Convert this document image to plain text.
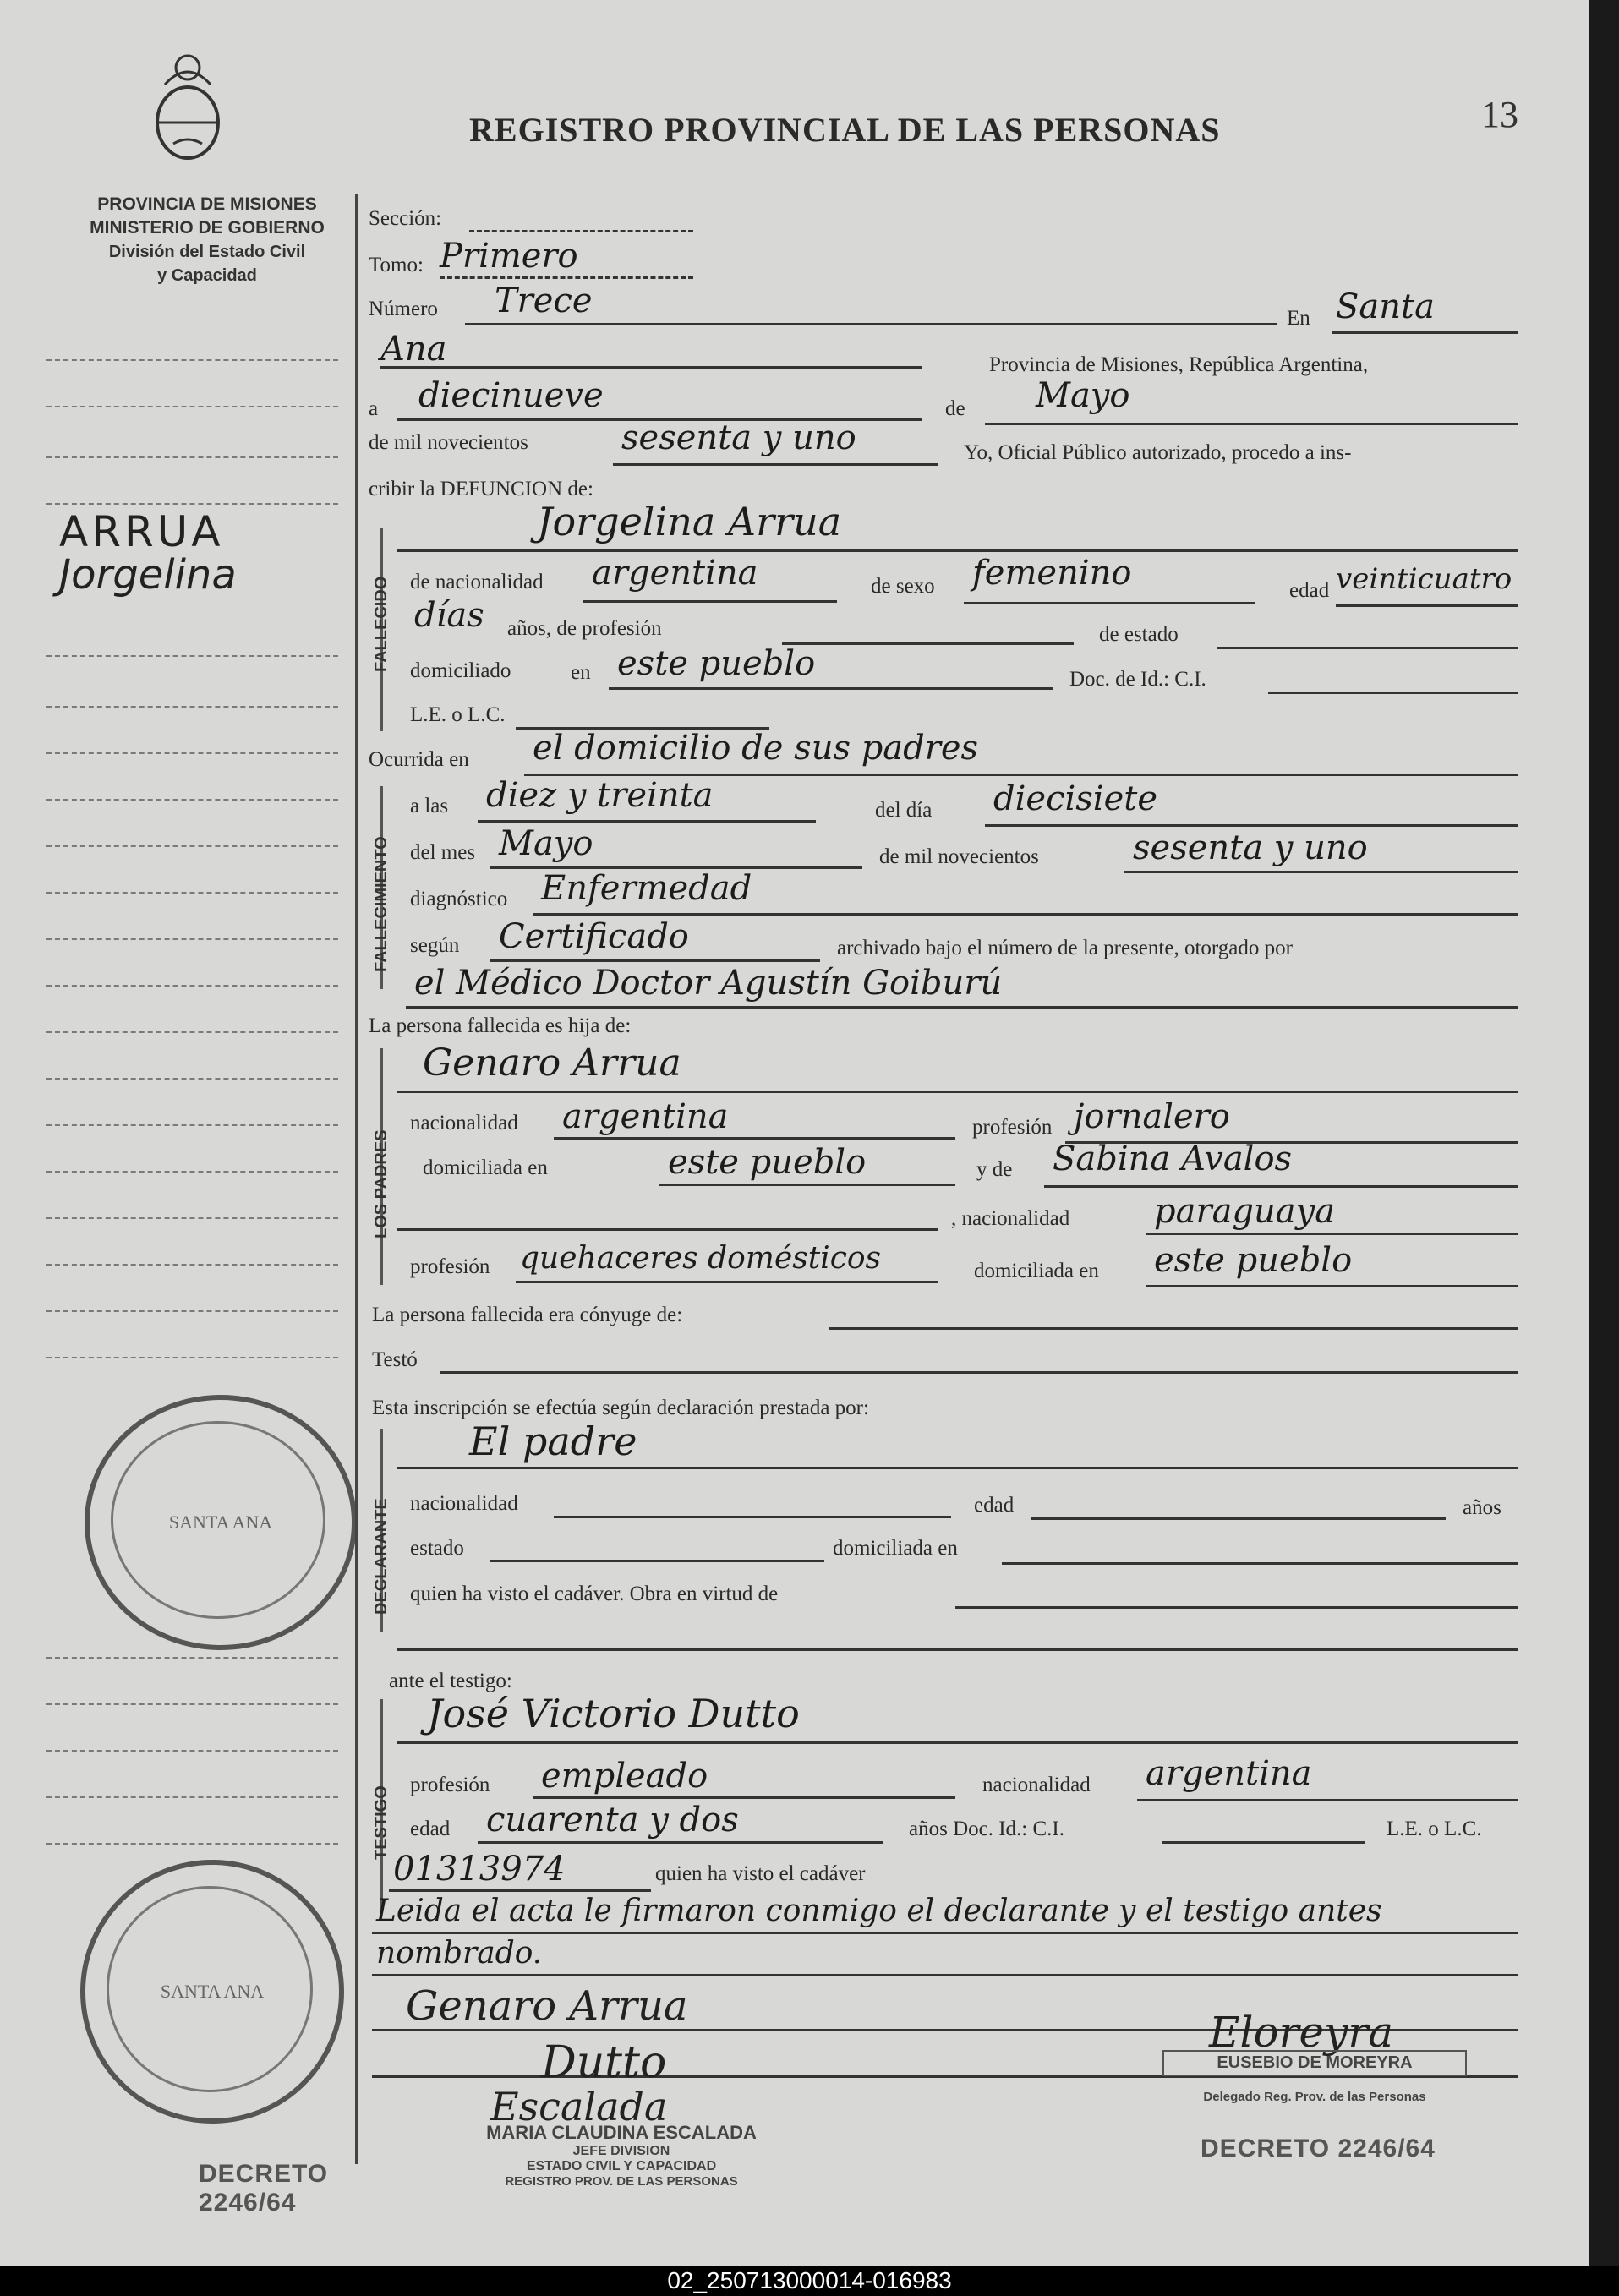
PROVINCIA DE MISIONES
MINISTERIO DE GOBIERNO
División del Estado Civil
y Capacidad
ARRUA
Jorgelina
SANTA ANA
SANTA ANA
DECRETO 2246/64
REGISTRO PROVINCIAL DE LAS PERSONAS	13
Sección:
Tomo: Primero
Número Trece	En Santa
Ana	Provincia de Misiones, República Argentina,
a diecinueve	de Mayo
de mil novecientos	sesenta y uno	Yo, Oficial Público autorizado, procedo a ins-
cribir la DEFUNCION de:
FALLECIDO
Jorgelina Arrua
de nacionalidad argentina	de sexo femenino	edad veinticuatro
días años, de profesión	de estado
domiciliado	en este pueblo	Doc. de Id.: C.I.
L.E. o L.C.
Ocurrida en el domicilio de sus padres
FALLECIMIENTO
a las diez y treinta	del día diecisiete
del mes Mayo	de mil novecientos	sesenta y uno
diagnóstico Enfermedad
según Certificado	archivado bajo el número de la presente, otorgado por
el Médico Doctor Agustín Goiburú
La persona fallecida es hija de:
LOS PADRES
Genaro Arrua
nacionalidad argentina	profesión jornalero
domiciliada en	este pueblo	y de Sabina Avalos
, nacionalidad paraguaya
profesión quehaceres domésticos	domiciliada en este pueblo
La persona fallecida era cónyuge de:
Testó
Esta inscripción se efectúa según declaración prestada por:
DECLARANTE
El padre
nacionalidad	edad	años
estado	domiciliada en
quien ha visto el cadáver. Obra en virtud de
ante el testigo:
TESTIGO
José Victorio Dutto
profesión empleado	nacionalidad argentina
edad cuarenta y dos	años Doc. Id.: C.I.	L.E. o L.C.
01313974	quien ha visto el cadáver
Leida el acta le firmaron conmigo el declarante y el testigo antes
nombrado.
Genaro Arrua
Dutto
Escalada
Eloreyra
MARIA CLAUDINA ESCALADA
JEFE DIVISION
ESTADO CIVIL Y CAPACIDAD
REGISTRO PROV. DE LAS PERSONAS
EUSEBIO DE MOREYRA
Delegado Reg. Prov. de las Personas
DECRETO 2246/64
02_250713000014-016983
